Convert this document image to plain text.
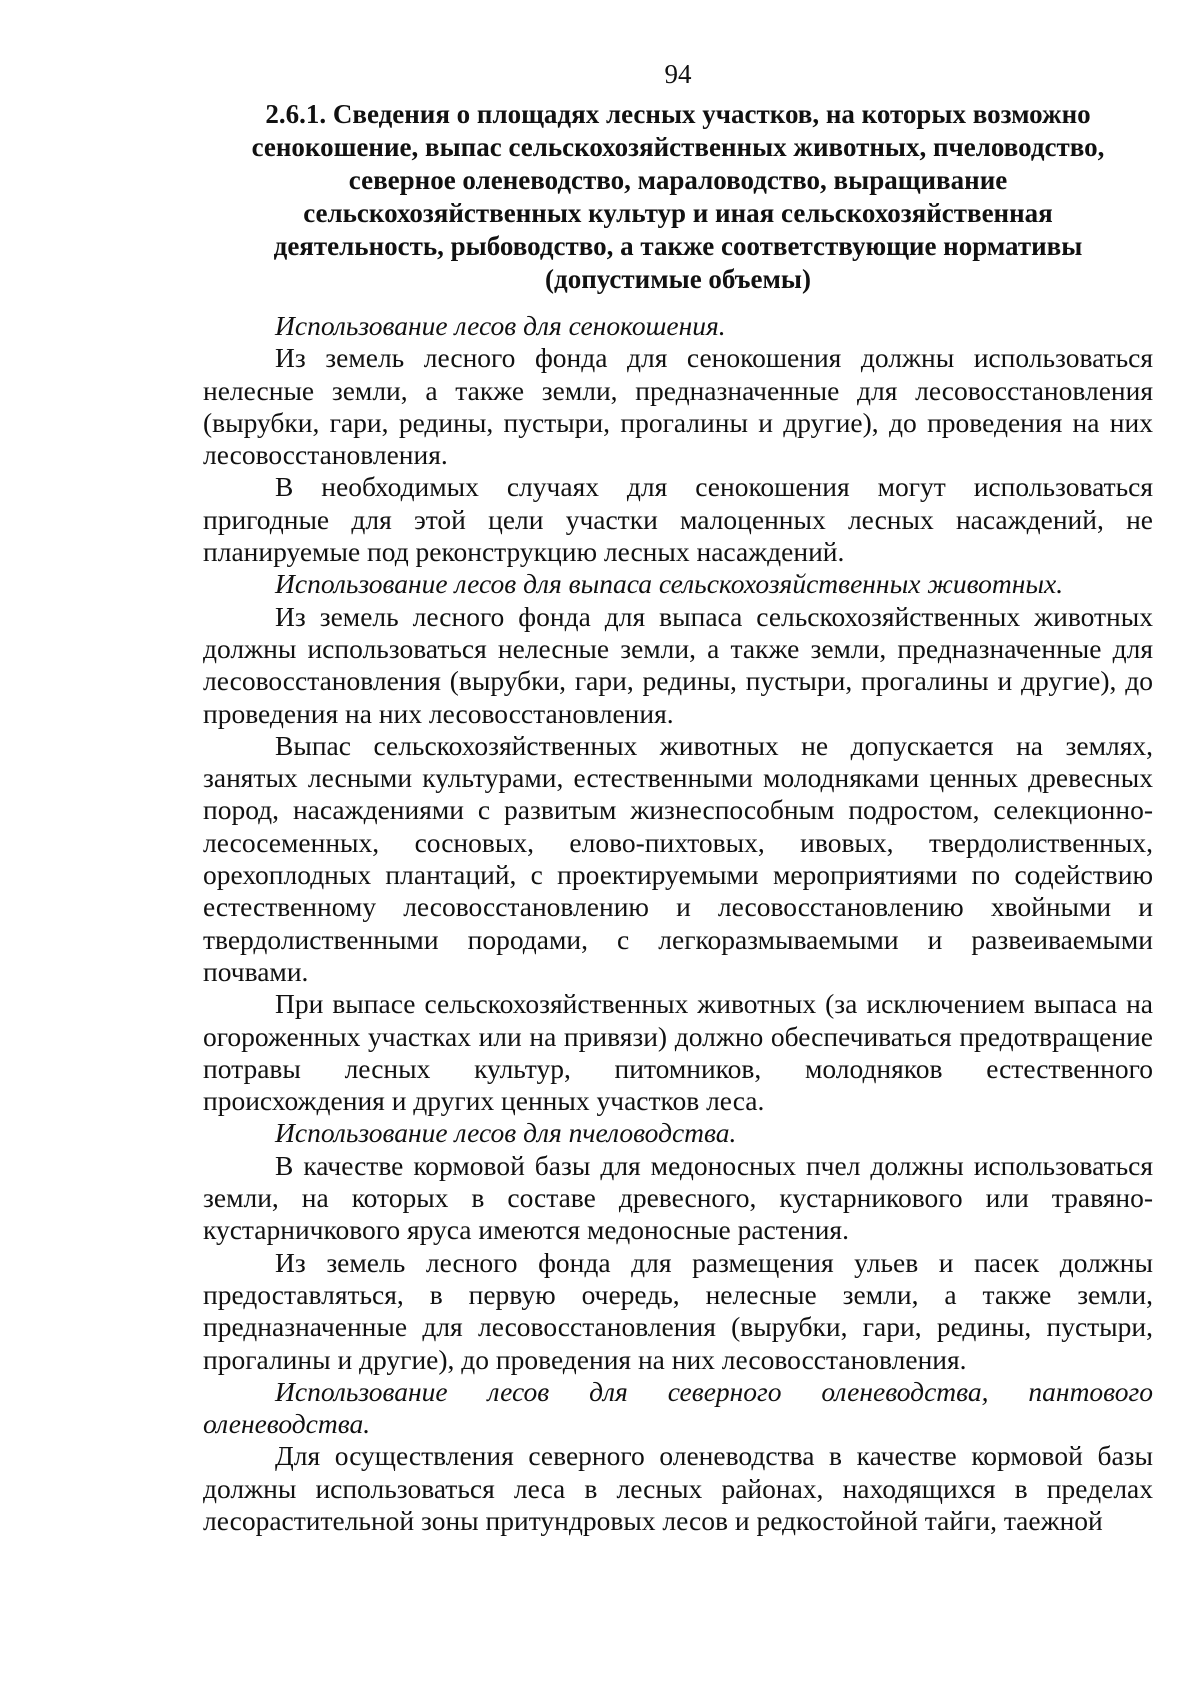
94
2.6.1. Сведения о площадях лесных участков, на которых возможно
сенокошение, выпас сельскохозяйственных животных, пчеловодство,
северное оленеводство, мараловодство, выращивание
сельскохозяйственных культур и иная сельскохозяйственная
деятельность, рыбоводство, а также соответствующие нормативы
(допустимые объемы)

Использование лесов для сенокошения.

Из земель лесного фонда для сенокошения должны использоваться нелесные земли, а также земли, предназначенные для лесовосстановления (вырубки, гари, редины, пустыри, прогалины и другие), до проведения на них лесовосстановления.

В необходимых случаях для сенокошения могут использоваться пригодные для этой цели участки малоценных лесных насаждений, не планируемые под реконструкцию лесных насаждений.

Использование лесов для выпаса сельскохозяйственных животных.

Из земель лесного фонда для выпаса сельскохозяйственных животных должны использоваться нелесные земли, а также земли, предназначенные для лесовосстановления (вырубки, гари, редины, пустыри, прогалины и другие), до проведения на них лесовосстановления.

Выпас сельскохозяйственных животных не допускается на землях, занятых лесными культурами, естественными молодняками ценных древесных пород, насаждениями с развитым жизнеспособным подростом, селекционно-лесосеменных, сосновых, елово-пихтовых, ивовых, твердолиственных, орехоплодных плантаций, с проектируемыми мероприятиями по содействию естественному лесовосстановлению и лесовосстановлению хвойными и твердолиственными породами, с легкоразмываемыми и развеиваемыми почвами.

При выпасе сельскохозяйственных животных (за исключением выпаса на огороженных участках или на привязи) должно обеспечиваться предотвращение потравы лесных культур, питомников, молодняков естественного происхождения и других ценных участков леса.

Использование лесов для пчеловодства.

В качестве кормовой базы для медоносных пчел должны использоваться земли, на которых в составе древесного, кустарникового или травяно-кустарничкового яруса имеются медоносные растения.

Из земель лесного фонда для размещения ульев и пасек должны предоставляться, в первую очередь, нелесные земли, а также земли, предназначенные для лесовосстановления (вырубки, гари, редины, пустыри, прогалины и другие), до проведения на них лесовосстановления.

Использование лесов для северного оленеводства, пантового оленеводства.

Для осуществления северного оленеводства в качестве кормовой базы должны использоваться леса в лесных районах, находящихся в пределах лесорастительной зоны притундровых лесов и редкостойной тайги, таежной
